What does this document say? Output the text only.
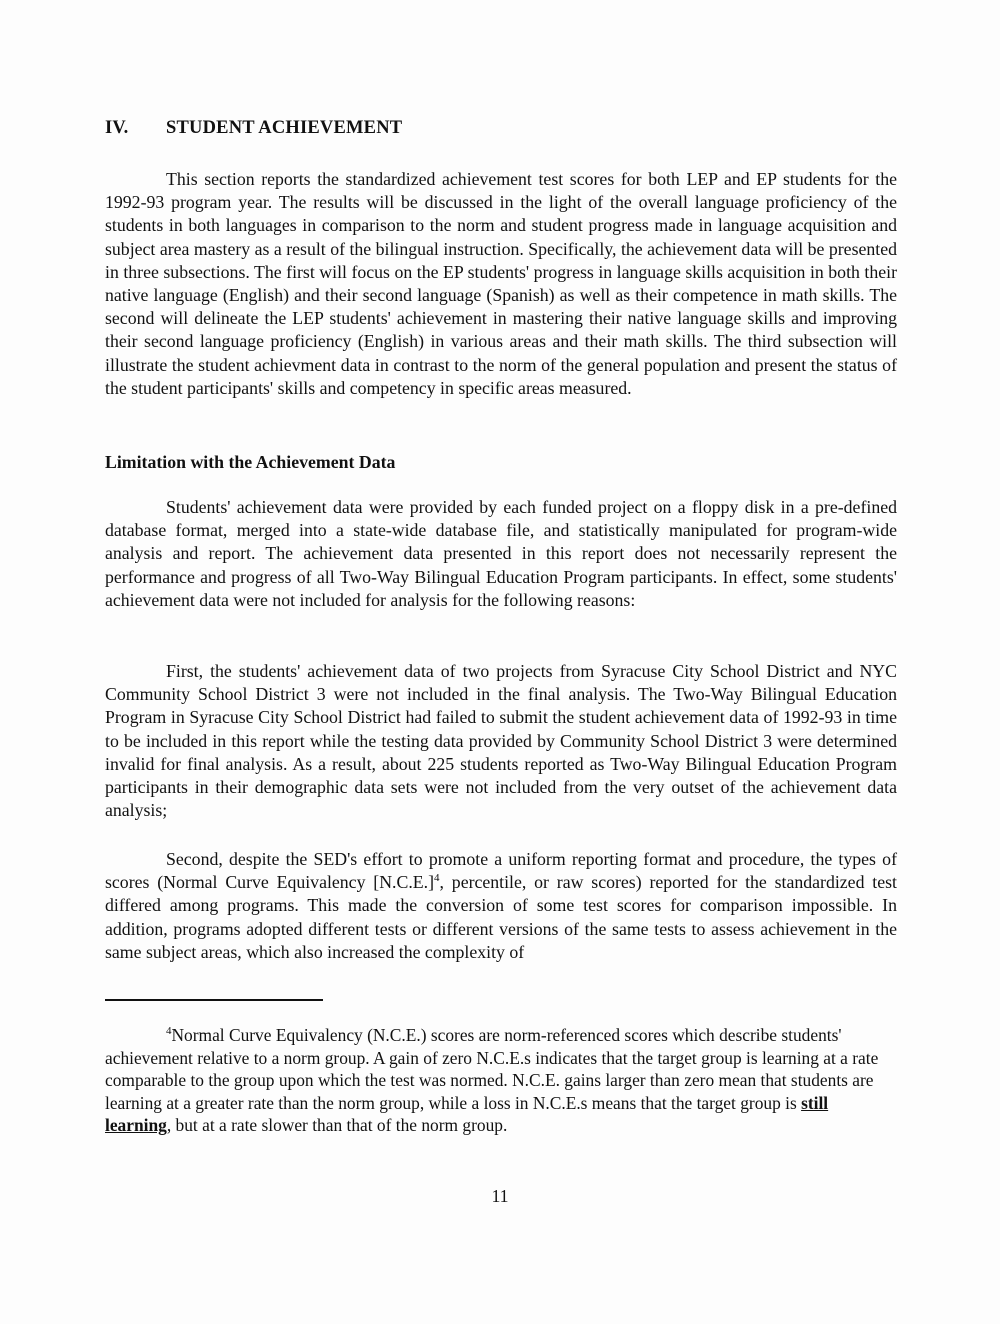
IV. STUDENT ACHIEVEMENT

This section reports the standardized achievement test scores for both LEP and EP students for the 1992-93 program year. The results will be discussed in the light of the overall language proficiency of the students in both languages in comparison to the norm and student progress made in language acquisition and subject area mastery as a result of the bilingual instruction. Specifically, the achievement data will be presented in three subsections. The first will focus on the EP students' progress in language skills acquisition in both their native language (English) and their second language (Spanish) as well as their competence in math skills. The second will delineate the LEP students' achievement in mastering their native language skills and improving their second language proficiency (English) in various areas and their math skills. The third subsection will illustrate the student achievment data in contrast to the norm of the general population and present the status of the student participants' skills and competency in specific areas measured.

Limitation with the Achievement Data

Students' achievement data were provided by each funded project on a floppy disk in a pre-defined database format, merged into a state-wide database file, and statistically manipulated for program-wide analysis and report. The achievement data presented in this report does not necessarily represent the performance and progress of all Two-Way Bilingual Education Program participants. In effect, some students' achievement data were not included for analysis for the following reasons:

First, the students' achievement data of two projects from Syracuse City School District and NYC Community School District 3 were not included in the final analysis. The Two-Way Bilingual Education Program in Syracuse City School District had failed to submit the student achievement data of 1992-93 in time to be included in this report while the testing data provided by Community School District 3 were determined invalid for final analysis. As a result, about 225 students reported as Two-Way Bilingual Education Program participants in their demographic data sets were not included from the very outset of the achievement data analysis;

Second, despite the SED's effort to promote a uniform reporting format and procedure, the types of scores (Normal Curve Equivalency [N.C.E.]$^4$, percentile, or raw scores) reported for the standardized test differed among programs. This made the conversion of some test scores for comparison impossible. In addition, programs adopted different tests or different versions of the same tests to assess achievement in the same subject areas, which also increased the complexity of

$^4$Normal Curve Equivalency (N.C.E.) scores are norm-referenced scores which describe students' achievement relative to a norm group. A gain of zero N.C.E.s indicates that the target group is learning at a rate comparable to the group upon which the test was normed. N.C.E. gains larger than zero mean that students are learning at a greater rate than the norm group, while a loss in N.C.E.s means that the target group is still learning, but at a rate slower than that of the norm group.

11
